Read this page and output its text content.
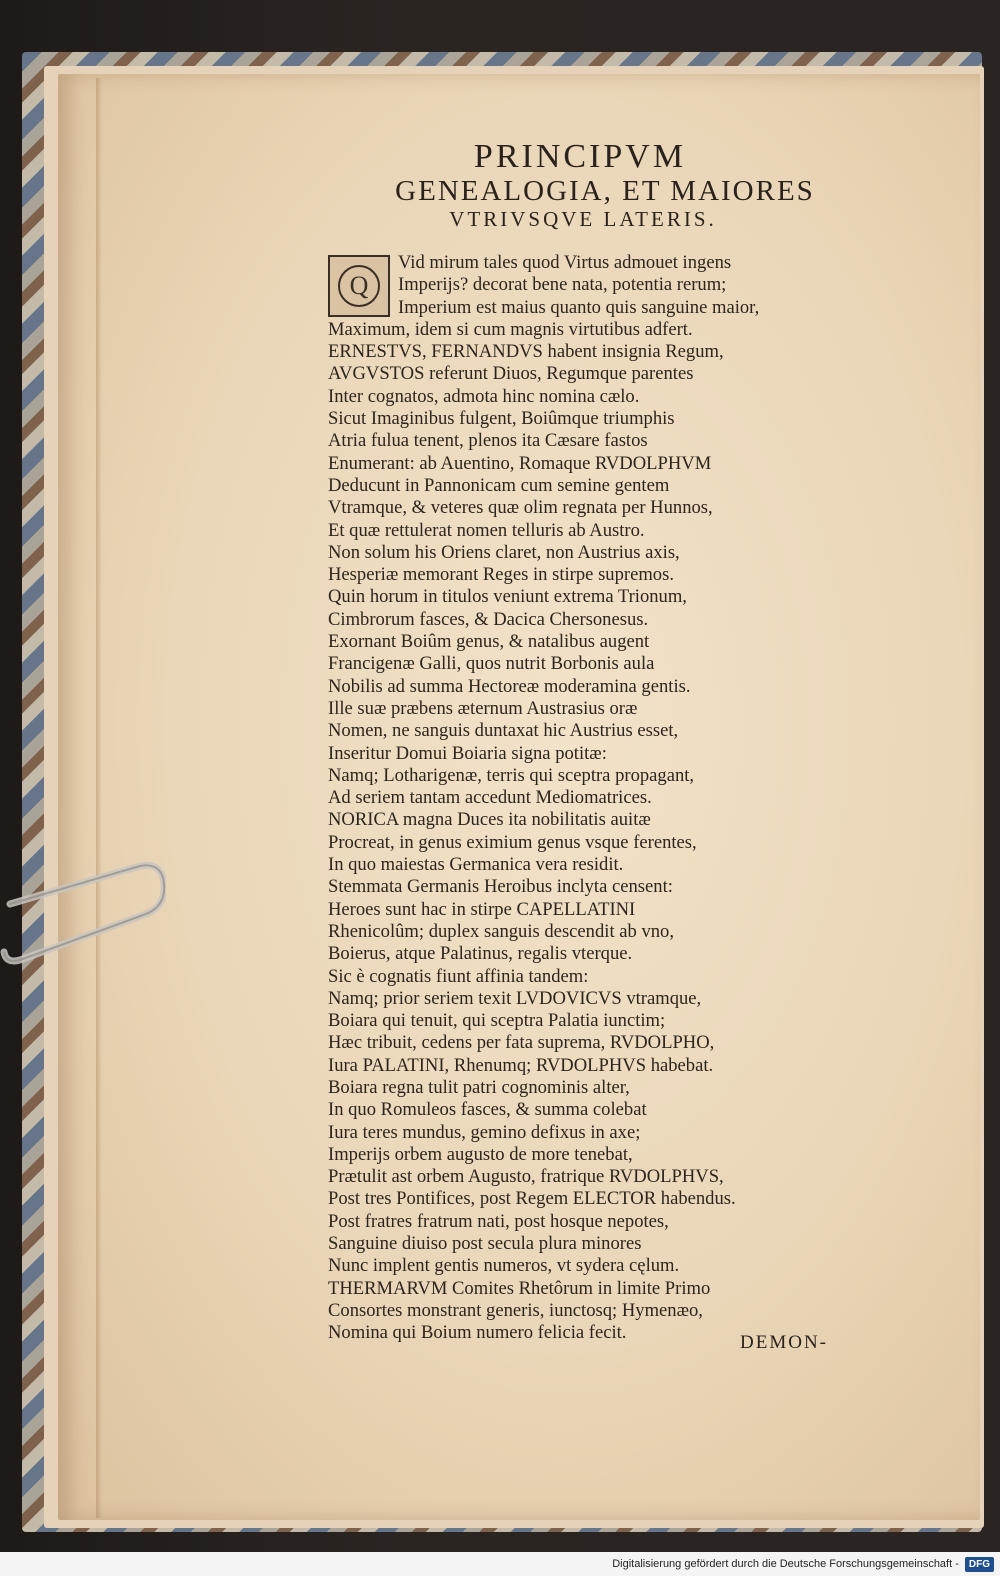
PRINCIPVM
GENEALOGIA, ET MAIORES
VTRIVSQVE LATERIS.
Q
Vid mirum tales quod Virtus admouet ingens
Imperijs? decorat bene nata, potentia rerum;
Imperium est maius quanto quis sanguine maior,
Maximum, idem si cum magnis virtutibus adfert.
ERNESTVS, FERNANDVS habent insignia Regum,
AVGVSTOS referunt Diuos, Regumque parentes
Inter cognatos, admota hinc nomina cælo.
Sicut Imaginibus fulgent, Boiûmque triumphis
Atria fulua tenent, plenos ita Cæsare fastos
Enumerant: ab Auentino, Romaque RVDOLPHVM
Deducunt in Pannonicam cum semine gentem
Vtramque, & veteres quæ olim regnata per Hunnos,
Et quæ rettulerat nomen telluris ab Austro.
Non solum his Oriens claret, non Austrius axis,
Hesperiæ memorant Reges in stirpe supremos.
Quin horum in titulos veniunt extrema Trionum,
Cimbrorum fasces, & Dacica Chersonesus.
Exornant Boiûm genus, & natalibus augent
Francigenæ Galli, quos nutrit Borbonis aula
Nobilis ad summa Hectoreæ moderamina gentis.
Ille suæ præbens æternum Austrasius oræ
Nomen, ne sanguis duntaxat hic Austrius esset,
Inseritur Domui Boiaria signa potitæ:
Namq; Lotharigenæ, terris qui sceptra propagant,
Ad seriem tantam accedunt Mediomatrices.
NORICA magna Duces ita nobilitatis auitæ
Procreat, in genus eximium genus vsque ferentes,
In quo maiestas Germanica vera residit.
Stemmata Germanis Heroibus inclyta censent:
Heroes sunt hac in stirpe CAPELLATINI
Rhenicolûm; duplex sanguis descendit ab vno,
Boierus, atque Palatinus, regalis vterque.
Sic è cognatis fiunt affinia tandem:
Namq; prior seriem texit LVDOVICVS vtramque,
Boiara qui tenuit, qui sceptra Palatia iunctim;
Hæc tribuit, cedens per fata suprema, RVDOLPHO,
Iura PALATINI, Rhenumq; RVDOLPHVS habebat.
Boiara regna tulit patri cognominis alter,
In quo Romuleos fasces, & summa colebat
Iura teres mundus, gemino defixus in axe;
Imperijs orbem augusto de more tenebat,
Prætulit ast orbem Augusto, fratrique RVDOLPHVS,
Post tres Pontifices, post Regem ELECTOR habendus.
Post fratres fratrum nati, post hosque nepotes,
Sanguine diuiso post secula plura minores
Nunc implent gentis numeros, vt sydera cęlum.
THERMARVM Comites Rhetôrum in limite Primo
Consortes monstrant generis, iunctosq; Hymenæo,
Nomina qui Boium numero felicia fecit.	DEMON-
Digitalisierung gefördert durch die Deutsche Forschungsgemeinschaft -	DFG
